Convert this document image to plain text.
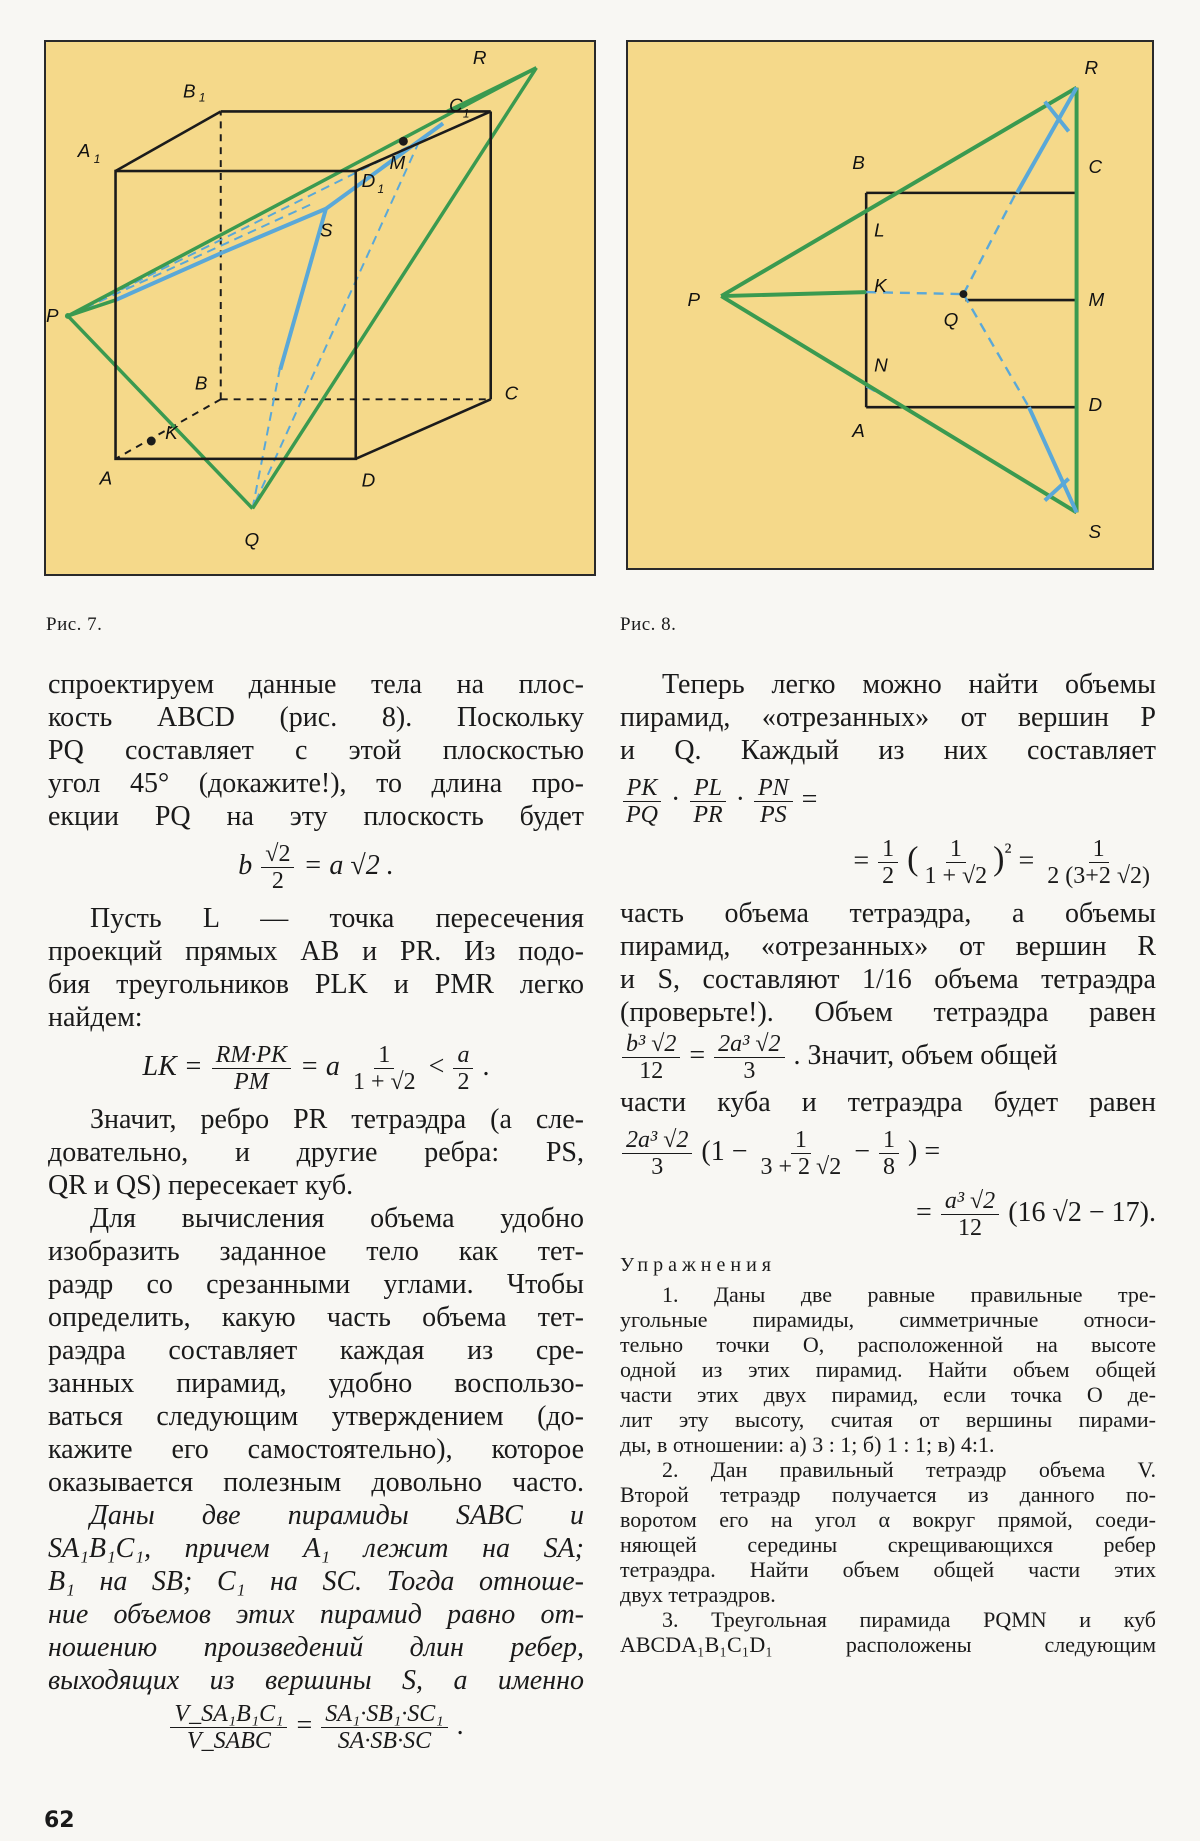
R
B 1	C 1
A 1
D 1
M
S
P
B	C
K
A	D
Q
R
B	C
L
K
P
Q
M
N
A
D
S
Рис. 7.	Рис. 8.

спроектируем данные тела на плос-

кость ABCD (рис. 8). Поскольку

PQ составляет с этой плоскостью

угол 45° (докажите!), то длина про-

екции PQ на эту плоскость будет

b $\frac{√2}{2} = a$ √2 .

Пусть L — точка пересечения

проекций прямых AB и PR. Из подо-

бия треугольников PLK и PMR легко

найдем:

LK = $\frac{RM\cdot PK}{PM} = a \frac{1}{1 + √2} < \frac{a}{2}$ .

Значит, ребро PR тетраэдра (а сле-

довательно, и другие ребра: PS,

QR и QS) пересекает куб.

Для вычисления объема удобно

изобразить заданное тело как тет-

раэдр со срезанными углами. Чтобы

определить, какую часть объема тет-

раэдра составляет каждая из сре-

занных пирамид, удобно воспользо-

ваться следующим утверждением (до-

кажите его самостоятельно), которое

оказывается полезным довольно часто.

Даны две пирамиды SABC и

SA₁B₁C₁, причем A₁ лежит на SA;

B₁ на SB; C₁ на SC. Тогда отноше-

ние объемов этих пирамид равно от-

ношению произведений длин ребер,

выходящих из вершины S, а именно

$\frac{\text{V\_SA₁B₁C₁}}{\text{V\_SABC}} = \frac{\text{SA₁·SB₁·SC₁}}{SA\cdot SB\cdot SC}$ .

Теперь легко можно найти объемы

пирамид, «отрезанных» от вершин P

и Q. Каждый из них составляет

$\frac{PK}{PQ} \cdot \frac{PL}{PR} \cdot \frac{PN}{PS}$ =
= $\frac{1}{2}$ ( $\frac{1}{1 + √2} )^{^2} = \frac{1}{2 (3+2 √2)}$

часть объема тетраэдра, а объемы

пирамид, «отрезанных» от вершин R

и S, составляют 1/16 объема тетраэдра

(проверьте!). Объем тетраэдра равен

$\frac{\text{b³ √2}}{12} = \frac{\text{2a³ √2}}{3}$ . Значит, объем общей

части куба и тетраэдра будет равен

$\frac{\text{2a³ √2}}{3} (1 - \frac{1}{3 + 2 √2} - \frac{1}{8}$ ) =
= $\frac{\text{a³ √2}}{12} (16$ √2 − 17).

Упражнения

1. Даны две равные правильные тре-

угольные пирамиды, симметричные относи-

тельно точки O, расположенной на высоте

одной из этих пирамид. Найти объем общей

части этих двух пирамид, если точка O де-

лит эту высоту, считая от вершины пирами-

ды, в отношении: а) 3 : 1; б) 1 : 1; в) 4:1.

2. Дан правильный тетраэдр объема V.

Второй тетраэдр получается из данного по-

воротом его на угол α вокруг прямой, соеди-

няющей середины скрещивающихся ребер

тетраэдра. Найти объем общей части этих

двух тетраэдров.

3. Треугольная пирамида PQMN и куб

ABCDA₁B₁C₁D₁ расположены следующим

62
